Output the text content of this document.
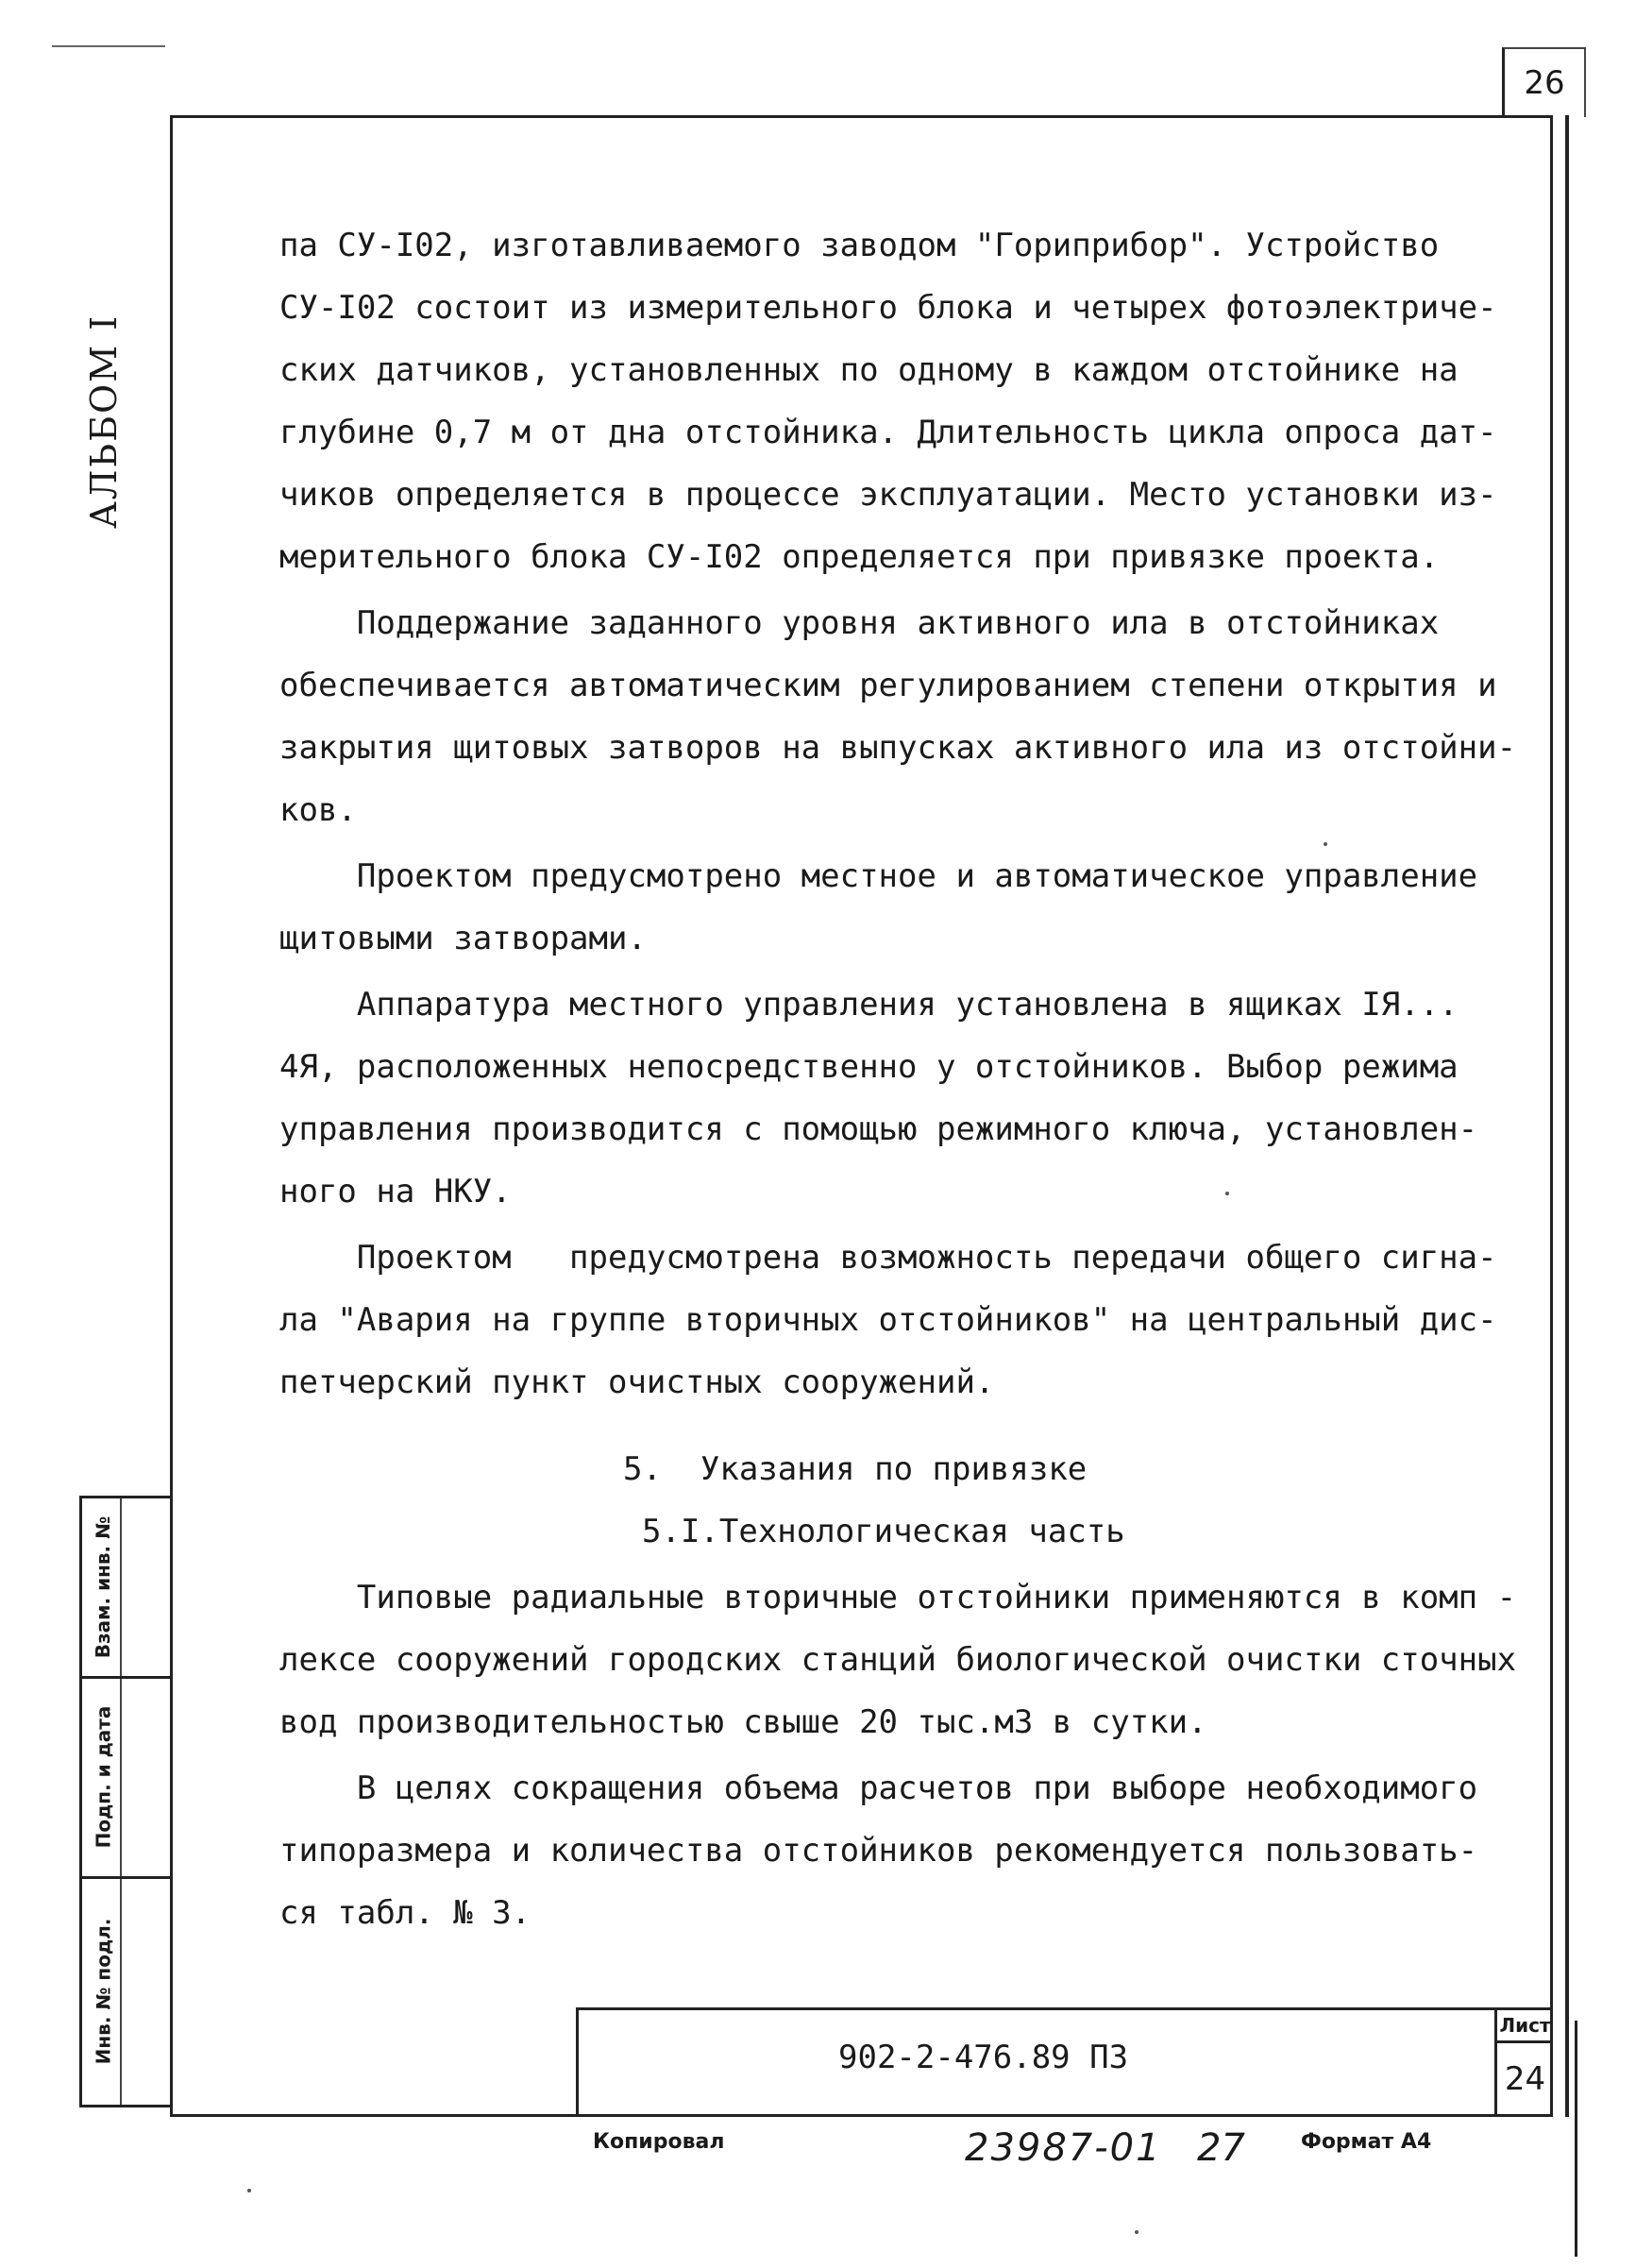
26
АЛЬБОМ I
Взам. инв. №
Подп. и дата
Инв. № подл.
па СУ-I02, изготавливаемого заводом "Гориприбор". Устройство
СУ-I02 состоит из измерительного блока и четырех фотоэлектриче-
ских датчиков, установленных по одному в каждом отстойнике на
глубине 0,7 м от дна отстойника. Длительность цикла опроса дат-
чиков определяется в процессе эксплуатации. Место установки из-
мерительного блока СУ-I02 определяется при привязке проекта.
Поддержание заданного уровня активного ила в отстойниках
обеспечивается автоматическим регулированием степени открытия и
закрытия щитовых затворов на выпусках активного ила из отстойни-
ков.
Проектом предусмотрено местное и автоматическое управление
щитовыми затворами.
Аппаратура местного управления установлена в ящиках IЯ...
4Я, расположенных непосредственно у отстойников. Выбор режима
управления производится с помощью режимного ключа, установлен-
ного на НКУ.
Проектом   предусмотрена возможность передачи общего сигна-
ла "Авария на группе вторичных отстойников" на центральный дис-
петчерский пункт очистных сооружений.
5.  Указания по привязке
5.I.Технологическая часть
Типовые радиальные вторичные отстойники применяются в комп -
лексе сооружений городских станций биологической очистки сточных
вод производительностью свыше 20 тыс.м3 в сутки.
В целях сокращения объема расчетов при выборе необходимого
типоразмера и количества отстойников рекомендуется пользовать-
ся табл. № 3.
902-2-476.89 ПЗ
Лист
24
Копировал	23987-01 27	Формат А4
